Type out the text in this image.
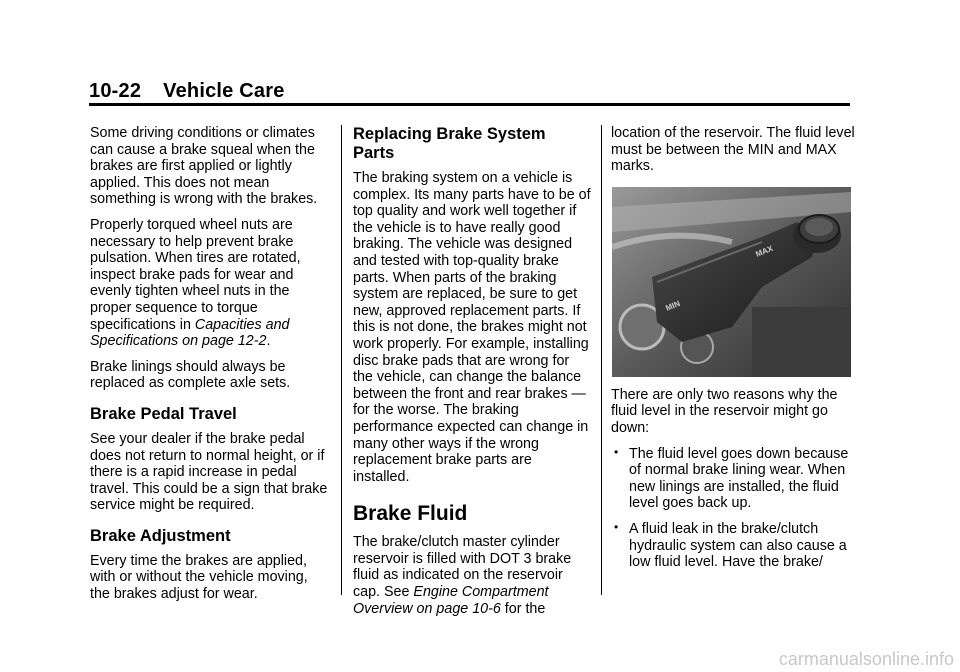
10-22 Vehicle Care

Some driving conditions or climates can cause a brake squeal when the brakes are first applied or lightly applied. This does not mean something is wrong with the brakes.

Properly torqued wheel nuts are necessary to help prevent brake pulsation. When tires are rotated, inspect brake pads for wear and evenly tighten wheel nuts in the proper sequence to torque specifications in Capacities and Specifications on page 12-2.

Brake linings should always be replaced as complete axle sets.

Brake Pedal Travel

See your dealer if the brake pedal does not return to normal height, or if there is a rapid increase in pedal travel. This could be a sign that brake service might be required.

Brake Adjustment

Every time the brakes are applied, with or without the vehicle moving, the brakes adjust for wear.

Replacing Brake System Parts

The braking system on a vehicle is complex. Its many parts have to be of top quality and work well together if the vehicle is to have really good braking. The vehicle was designed and tested with top-quality brake parts. When parts of the braking system are replaced, be sure to get new, approved replacement parts. If this is not done, the brakes might not work properly. For example, installing disc brake pads that are wrong for the vehicle, can change the balance between the front and rear brakes — for the worse. The braking performance expected can change in many other ways if the wrong replacement brake parts are installed.

Brake Fluid

The brake/clutch master cylinder reservoir is filled with DOT 3 brake fluid as indicated on the reservoir cap. See Engine Compartment Overview on page 10-6 for the

location of the reservoir. The fluid level must be between the MIN and MAX marks.

MAX
MIN

There are only two reasons why the fluid level in the reservoir might go down:

• The fluid level goes down because of normal brake lining wear. When new linings are installed, the fluid level goes back up.
• A fluid leak in the brake/clutch hydraulic system can also cause a low fluid level. Have the brake/
carmanualsonline.info
